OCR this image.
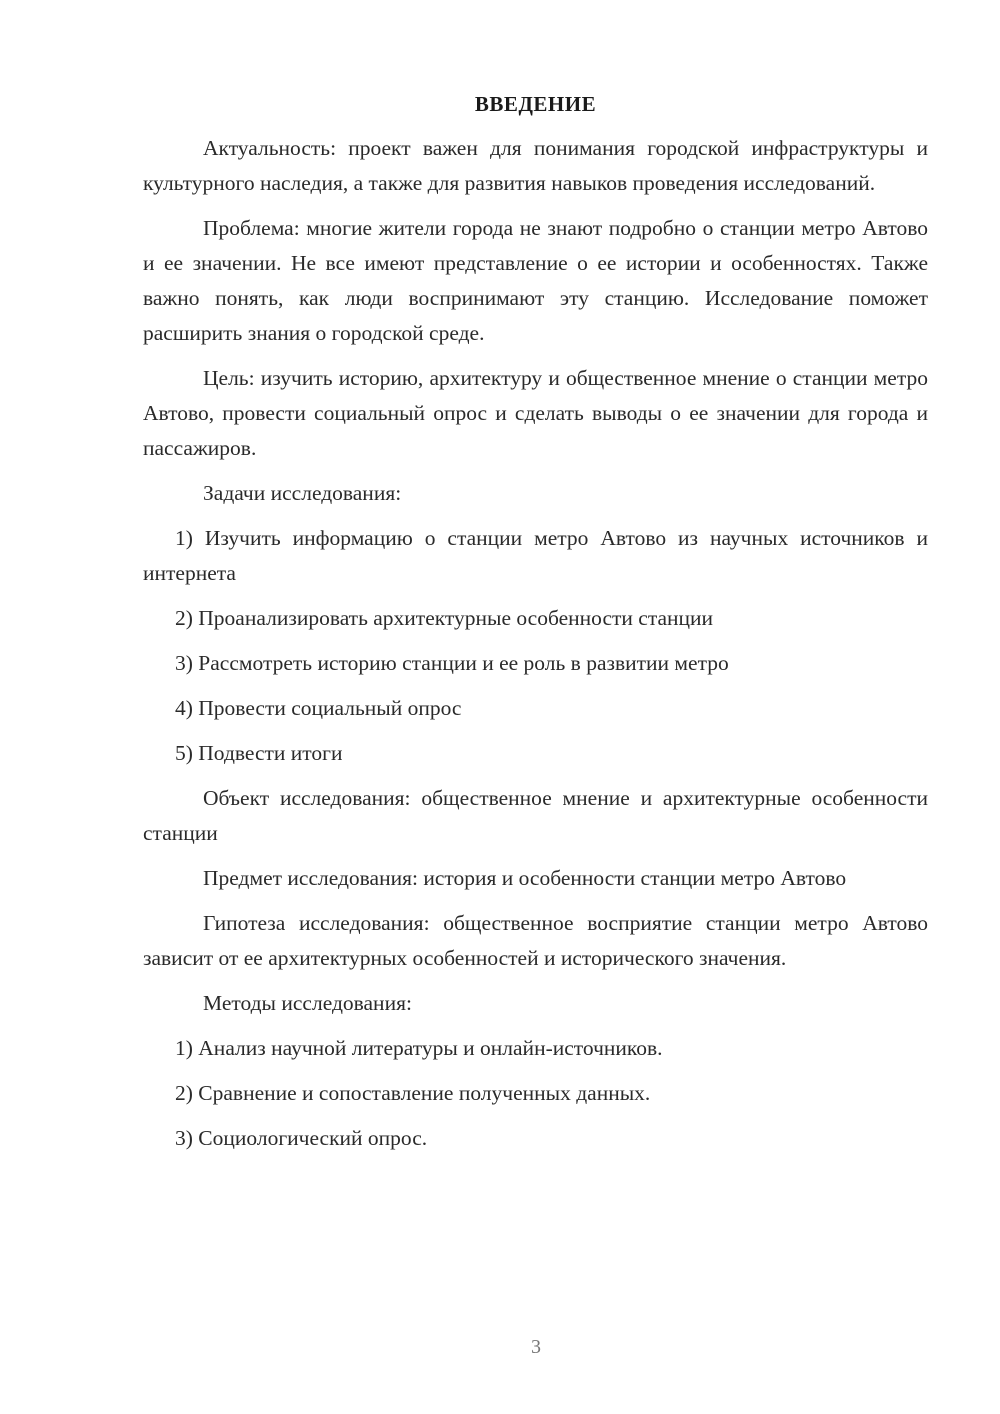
ВВЕДЕНИЕ

Актуальность: проект важен для понимания городской инфраструктуры и культурного наследия, а также для развития навыков проведения исследований.

Проблема: многие жители города не знают подробно о станции метро Автово и ее значении. Не все имеют представление о ее истории и особенностях. Также важно понять, как люди воспринимают эту станцию. Исследование поможет расширить знания о городской среде.

Цель: изучить историю, архитектуру и общественное мнение о станции метро Автово, провести социальный опрос и сделать выводы о ее значении для города и пассажиров.

Задачи исследования:

1) Изучить информацию о станции метро Автово из научных источников и интернета

2) Проанализировать архитектурные особенности станции

3) Рассмотреть историю станции и ее роль в развитии метро

4) Провести социальный опрос

5) Подвести итоги

Объект исследования: общественное мнение и архитектурные особенности станции

Предмет исследования: история и особенности станции метро Автово

Гипотеза исследования: общественное восприятие станции метро Автово зависит от ее архитектурных особенностей и исторического значения.

Методы исследования:

1) Анализ научной литературы и онлайн-источников.

2) Сравнение и сопоставление полученных данных.

3) Социологический опрос.

3
